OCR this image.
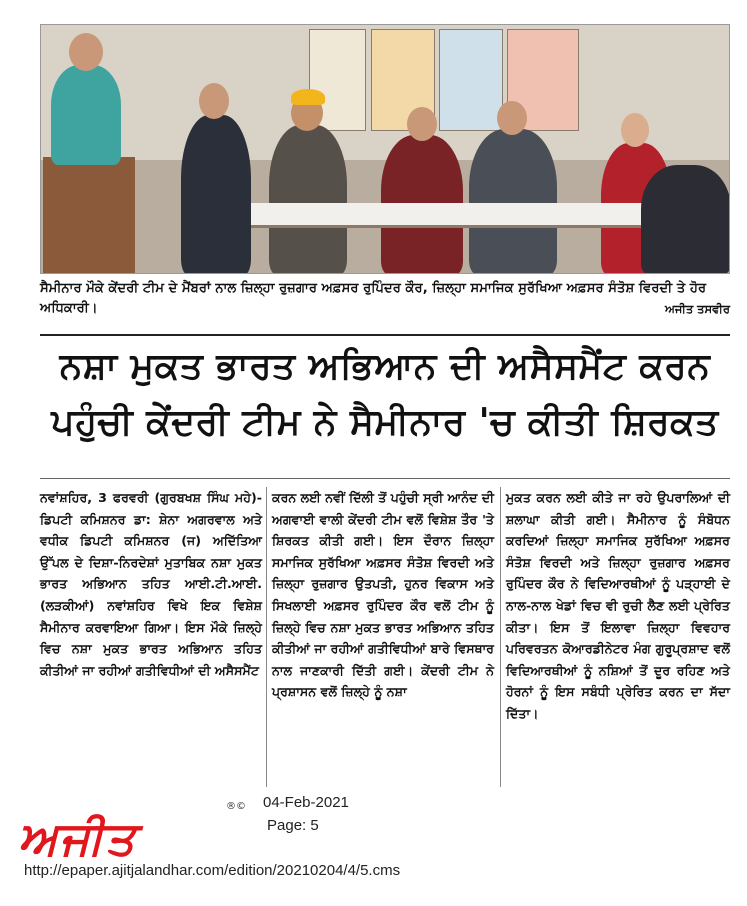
ਸੈਮੀਨਾਰ ਮੌਕੇ ਕੇਂਦਰੀ ਟੀਮ ਦੇ ਮੈਂਬਰਾਂ ਨਾਲ ਜ਼ਿਲ੍ਹਾ ਰੁਜ਼ਗਾਰ ਅਫ਼ਸਰ ਰੁਪਿੰਦਰ ਕੌਰ, ਜ਼ਿਲ੍ਹਾ ਸਮਾਜਿਕ ਸੁਰੱਖਿਆ ਅਫ਼ਸਰ ਸੰਤੋਸ਼ ਵਿਰਦੀ ਤੇ ਹੋਰ ਅਧਿਕਾਰੀ।	ਅਜੀਤ ਤਸਵੀਰ
ਨਸ਼ਾ ਮੁਕਤ ਭਾਰਤ ਅਭਿਆਨ ਦੀ ਅਸੈਸਮੈਂਟ ਕਰਨ
ਪਹੁੰਚੀ ਕੇਂਦਰੀ ਟੀਮ ਨੇ ਸੈਮੀਨਾਰ 'ਚ ਕੀਤੀ ਸ਼ਿਰਕਤ
ਨਵਾਂਸ਼ਹਿਰ, 3 ਫਰਵਰੀ (ਗੁਰਬਖਸ਼ ਸਿੰਘ ਮਹੇ)- ਡਿਪਟੀ ਕਮਿਸ਼ਨਰ ਡਾ: ਸ਼ੇਨਾ ਅਗਰਵਾਲ ਅਤੇ ਵਧੀਕ ਡਿਪਟੀ ਕਮਿਸ਼ਨਰ (ਜ) ਅਦਿੱਤਿਆ ਉੱਪਲ ਦੇ ਦਿਸ਼ਾ-ਨਿਰਦੇਸ਼ਾਂ ਮੁਤਾਬਿਕ ਨਸ਼ਾ ਮੁਕਤ ਭਾਰਤ ਅਭਿਆਨ ਤਹਿਤ ਆਈ.ਟੀ.ਆਈ. (ਲੜਕੀਆਂ) ਨਵਾਂਸ਼ਹਿਰ ਵਿਖੇ ਇਕ ਵਿਸ਼ੇਸ਼ ਸੈਮੀਨਾਰ ਕਰਵਾਇਆ ਗਿਆ। ਇਸ ਮੌਕੇ ਜ਼ਿਲ੍ਹੇ ਵਿਚ ਨਸ਼ਾ ਮੁਕਤ ਭਾਰਤ ਅਭਿਆਨ ਤਹਿਤ ਕੀਤੀਆਂ ਜਾ ਰਹੀਆਂ ਗਤੀਵਿਧੀਆਂ ਦੀ ਅਸੈਸਮੈਂਟ
ਕਰਨ ਲਈ ਨਵੀਂ ਦਿੱਲੀ ਤੋਂ ਪਹੁੰਚੀ ਸ੍ਰੀ ਆਨੰਦ ਦੀ ਅਗਵਾਈ ਵਾਲੀ ਕੇਂਦਰੀ ਟੀਮ ਵਲੋਂ ਵਿਸ਼ੇਸ਼ ਤੌਰ 'ਤੇ ਸ਼ਿਰਕਤ ਕੀਤੀ ਗਈ। ਇਸ ਦੌਰਾਨ ਜ਼ਿਲ੍ਹਾ ਸਮਾਜਿਕ ਸੁਰੱਖਿਆ ਅਫ਼ਸਰ ਸੰਤੋਸ਼ ਵਿਰਦੀ ਅਤੇ ਜ਼ਿਲ੍ਹਾ ਰੁਜ਼ਗਾਰ ਉਤਪਤੀ, ਹੁਨਰ ਵਿਕਾਸ ਅਤੇ ਸਿਖਲਾਈ ਅਫ਼ਸਰ ਰੁਪਿੰਦਰ ਕੌਰ ਵਲੋਂ ਟੀਮ ਨੂੰ ਜ਼ਿਲ੍ਹੇ ਵਿਚ ਨਸ਼ਾ ਮੁਕਤ ਭਾਰਤ ਅਭਿਆਨ ਤਹਿਤ ਕੀਤੀਆਂ ਜਾ ਰਹੀਆਂ ਗਤੀਵਿਧੀਆਂ ਬਾਰੇ ਵਿਸਥਾਰ ਨਾਲ ਜਾਣਕਾਰੀ ਦਿੱਤੀ ਗਈ। ਕੇਂਦਰੀ ਟੀਮ ਨੇ ਪ੍ਰਸ਼ਾਸਨ ਵਲੋਂ ਜ਼ਿਲ੍ਹੇ ਨੂੰ ਨਸ਼ਾ
ਮੁਕਤ ਕਰਨ ਲਈ ਕੀਤੇ ਜਾ ਰਹੇ ਉਪਰਾਲਿਆਂ ਦੀ ਸ਼ਲਾਘਾ ਕੀਤੀ ਗਈ। ਸੈਮੀਨਾਰ ਨੂੰ ਸੰਬੋਧਨ ਕਰਦਿਆਂ ਜ਼ਿਲ੍ਹਾ ਸਮਾਜਿਕ ਸੁਰੱਖਿਆ ਅਫ਼ਸਰ ਸੰਤੋਸ਼ ਵਿਰਦੀ ਅਤੇ ਜ਼ਿਲ੍ਹਾ ਰੁਜ਼ਗਾਰ ਅਫ਼ਸਰ ਰੁਪਿੰਦਰ ਕੌਰ ਨੇ ਵਿਦਿਆਰਥੀਆਂ ਨੂੰ ਪੜ੍ਹਾਈ ਦੇ ਨਾਲ-ਨਾਲ ਖੇਡਾਂ ਵਿਚ ਵੀ ਰੁਚੀ ਲੈਣ ਲਈ ਪ੍ਰੇਰਿਤ ਕੀਤਾ। ਇਸ ਤੋਂ ਇਲਾਵਾ ਜ਼ਿਲ੍ਹਾ ਵਿਵਹਾਰ ਪਰਿਵਰਤਨ ਕੋਆਰਡੀਨੇਟਰ ਮੰਗ ਗੁਰੂਪ੍ਰਸ਼ਾਦ ਵਲੋਂ ਵਿਦਿਆਰਥੀਆਂ ਨੂੰ ਨਸ਼ਿਆਂ ਤੋਂ ਦੂਰ ਰਹਿਣ ਅਤੇ ਹੋਰਨਾਂ ਨੂੰ ਇਸ ਸਬੰਧੀ ਪ੍ਰੇਰਿਤ ਕਰਨ ਦਾ ਸੱਦਾ ਦਿੱਤਾ।
ਅਜੀਤ
®© 04-Feb-2021
Page: 5
http://epaper.ajitjalandhar.com/edition/20210204/4/5.cms
